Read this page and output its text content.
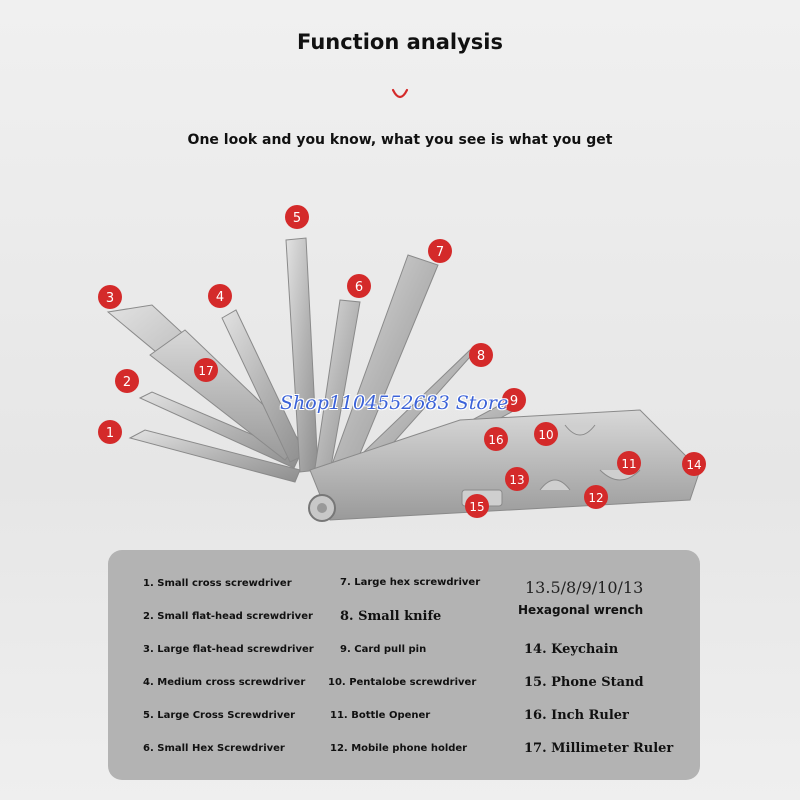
Function analysis
One look and you know, what you see is what you get
1
2
3	4
5
6
7
8
9
10
11
12
13
14
15
16
17
Shop1104552683 Store
1. Small cross screwdriver
2. Small flat-head screwdriver
3. Large flat-head screwdriver
4. Medium cross screwdriver
5. Large Cross Screwdriver
6. Small Hex Screwdriver
7. Large hex screwdriver
8. Small knife
9. Card pull pin
10. Pentalobe screwdriver
11. Bottle Opener
12. Mobile phone holder
13.5/8/9/10/13
Hexagonal wrench
14. Keychain
15. Phone Stand
16. Inch Ruler
17. Millimeter Ruler
